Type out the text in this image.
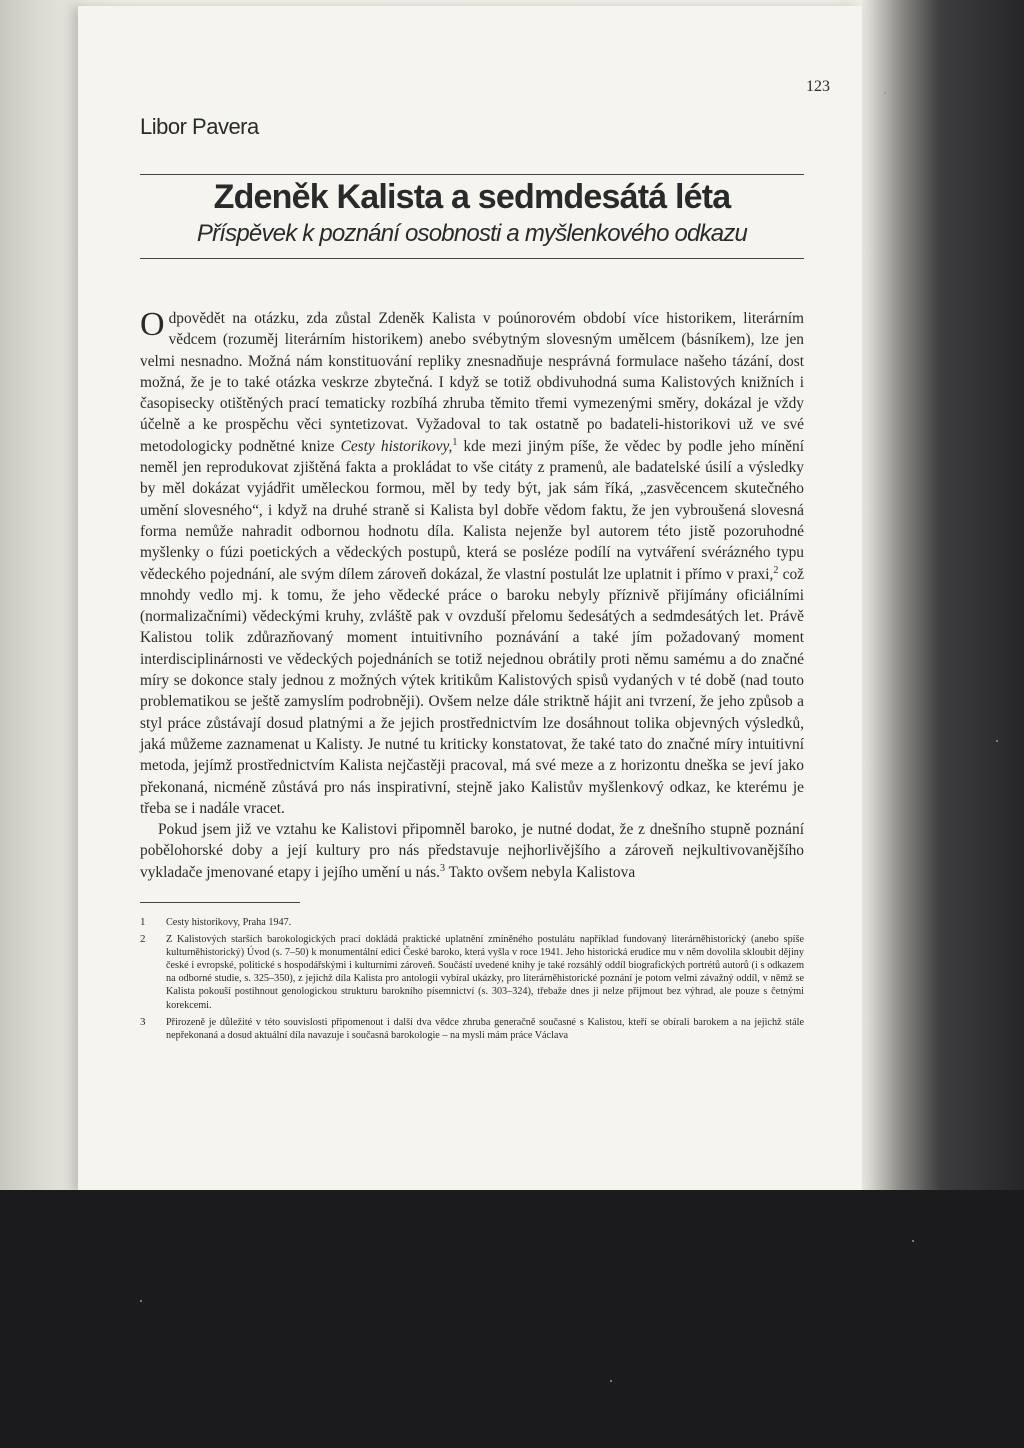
123
Libor Pavera
Zdeněk Kalista a sedmdesátá léta
Příspěvek k poznání osobnosti a myšlenkového odkazu

Odpovědět na otázku, zda zůstal Zdeněk Kalista v poúnorovém období více historikem, literárním vědcem (rozuměj literárním historikem) anebo svébytným slovesným umělcem (básníkem), lze jen velmi nesnadno. Možná nám konstituování repliky znesnadňuje nesprávná formulace našeho tázání, dost možná, že je to také otázka veskrze zbytečná. I když se totiž obdivuhodná suma Kalistových knižních i časopisecky otištěných prací tematicky rozbíhá zhruba těmito třemi vymezenými směry, dokázal je vždy účelně a ke prospěchu věci syntetizovat. Vyžadoval to tak ostatně po badateli-historikovi už ve své metodologicky podnětné knize Cesty historikovy,$^1$ kde mezi jiným píše, že vědec by podle jeho mínění neměl jen reprodukovat zjištěná fakta a prokládat to vše citáty z pramenů, ale badatelské úsilí a výsledky by měl dokázat vyjádřit uměleckou formou, měl by tedy být, jak sám říká, „zasvěcencem skutečného umění slovesného“, i když na druhé straně si Kalista byl dobře vědom faktu, že jen vybroušená slovesná forma nemůže nahradit odbornou hodnotu díla. Kalista nejenže byl autorem této jistě pozoruhodné myšlenky o fúzi poetických a vědeckých postupů, která se posléze podílí na vytváření svérázného typu vědeckého pojednání, ale svým dílem zároveň dokázal, že vlastní postulát lze uplatnit i přímo v praxi,$^2$ což mnohdy vedlo mj. k tomu, že jeho vědecké práce o baroku nebyly příznivě přijímány oficiálními (normalizačními) vědeckými kruhy, zvláště pak v ovzduší přelomu šedesátých a sedmdesátých let. Právě Kalistou tolik zdůrazňovaný moment intuitivního poznávání a také jím požadovaný moment interdisciplinárnosti ve vědeckých pojednáních se totiž nejednou obrátily proti němu samému a do značné míry se dokonce staly jednou z možných výtek kritikům Kalistových spisů vydaných v té době (nad touto problematikou se ještě zamyslím podrobněji). Ovšem nelze dále striktně hájit ani tvrzení, že jeho způsob a styl práce zůstávají dosud platnými a že jejich prostřednictvím lze dosáhnout tolika objevných výsledků, jaká můžeme zaznamenat u Kalisty. Je nutné tu kriticky konstatovat, že také tato do značné míry intuitivní metoda, jejímž prostřednictvím Kalista nejčastěji pracoval, má své meze a z horizontu dneška se jeví jako překonaná, nicméně zůstává pro nás inspirativní, stejně jako Kalistův myšlenkový odkaz, ke kterému je třeba se i nadále vracet.

Pokud jsem již ve vztahu ke Kalistovi připomněl baroko, je nutné dodat, že z dnešního stupně poznání pobělohorské doby a její kultury pro nás představuje nejhorlivějšího a zároveň nejkultivovanějšího vykladače jmenované etapy i jejího umění u nás.$^3$ Takto ovšem nebyla Kalistova

1	Cesty historikovy, Praha 1947.
2	Z Kalistových starších barokologických prací dokládá praktické uplatnění zmíněného postulátu například fundovaný literárněhistorický (anebo spíše kulturněhistorický) Úvod (s. 7–50) k monumentální edici České baroko, která vyšla v roce 1941. Jeho historická erudice mu v něm dovolila skloubit dějiny české i evropské, politické s hospodářskými i kulturními zároveň. Součástí uvedené knihy je také rozsáhlý oddíl biografických portrétů autorů (i s odkazem na odborné studie, s. 325–350), z jejichž díla Kalista pro antologii vybíral ukázky, pro literárněhistorické poznání je potom velmi závažný oddíl, v němž se Kalista pokouší postihnout genologickou strukturu barokního písemnictví (s. 303–324), třebaže dnes ji nelze přijmout bez výhrad, ale pouze s četnými korekcemi.
3	Přirozeně je důležité v této souvislosti připomenout i další dva vědce zhruba generačně současné s Kalistou, kteří se obírali barokem a na jejichž stále nepřekonaná a dosud aktuální díla navazuje i současná barokologie – na mysli mám práce Václava
